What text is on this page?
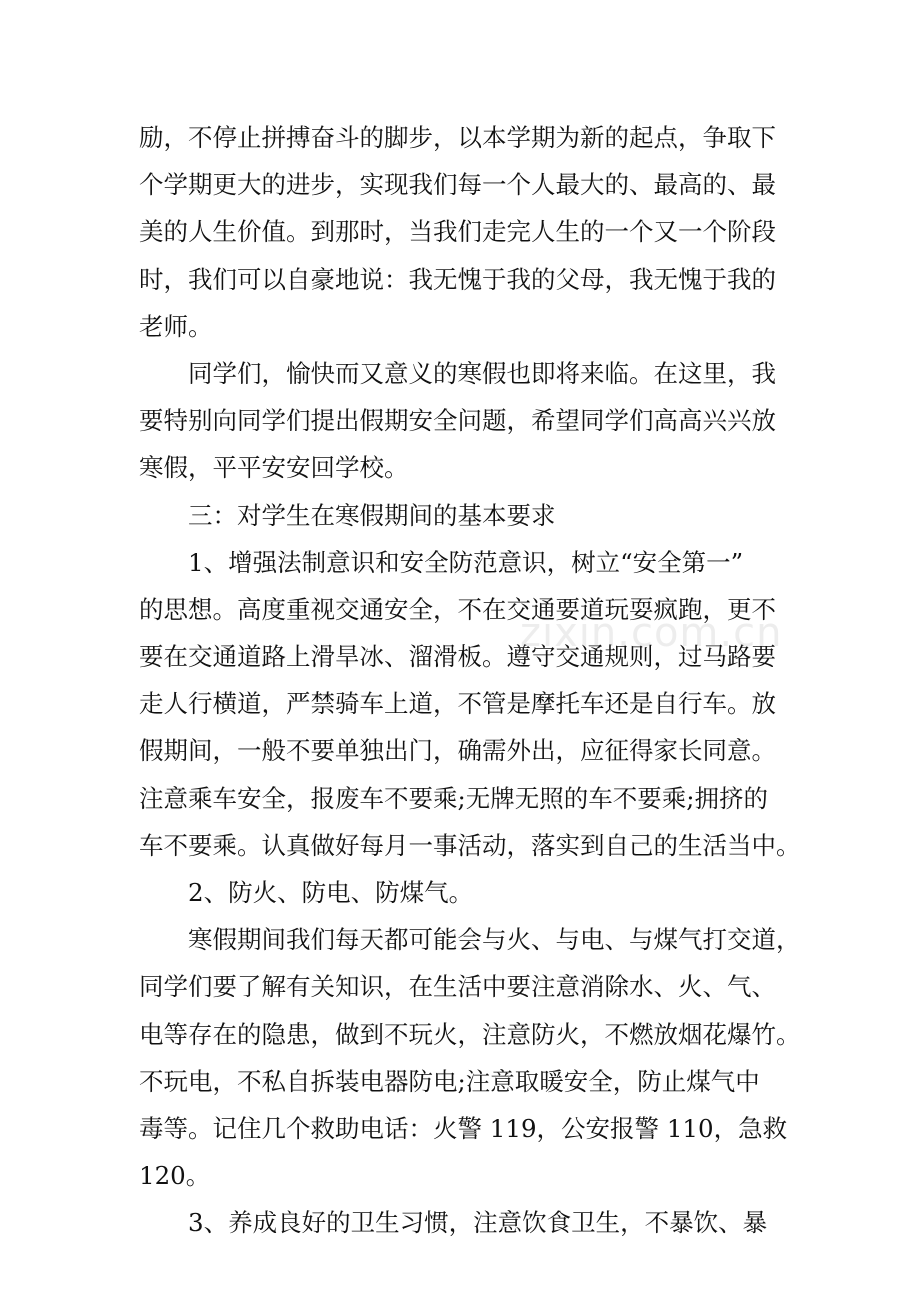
励，不停止拼搏奋斗的脚步，以本学期为新的起点，争取下
个学期更大的进步，实现我们每一个人最大的、最高的、最
美的人生价值。到那时，当我们走完人生的一个又一个阶段
时，我们可以自豪地说：我无愧于我的父母，我无愧于我的
老师。
同学们，愉快而又意义的寒假也即将来临。在这里，我
要特别向同学们提出假期安全问题，希望同学们高高兴兴放
寒假，平平安安回学校。
三：对学生在寒假期间的基本要求
1、增强法制意识和安全防范意识，树立“安全第一”
的思想。高度重视交通安全，不在交通要道玩耍疯跑，更不
要在交通道路上滑旱冰、溜滑板。遵守交通规则，过马路要
走人行横道，严禁骑车上道，不管是摩托车还是自行车。放
假期间，一般不要单独出门，确需外出，应征得家长同意。
注意乘车安全，报废车不要乘;无牌无照的车不要乘;拥挤的
车不要乘。认真做好每月一事活动，落实到自己的生活当中。
2、防火、防电、防煤气。
寒假期间我们每天都可能会与火、与电、与煤气打交道，
同学们要了解有关知识，在生活中要注意消除水、火、气、
电等存在的隐患，做到不玩火，注意防火，不燃放烟花爆竹。
不玩电，不私自拆装电器防电;注意取暖安全，防止煤气中
毒等。记住几个救助电话：火警 119，公安报警 110，急救
120。
3、养成良好的卫生习惯，注意饮食卫生，不暴饮、暴
zixin.com.cn
